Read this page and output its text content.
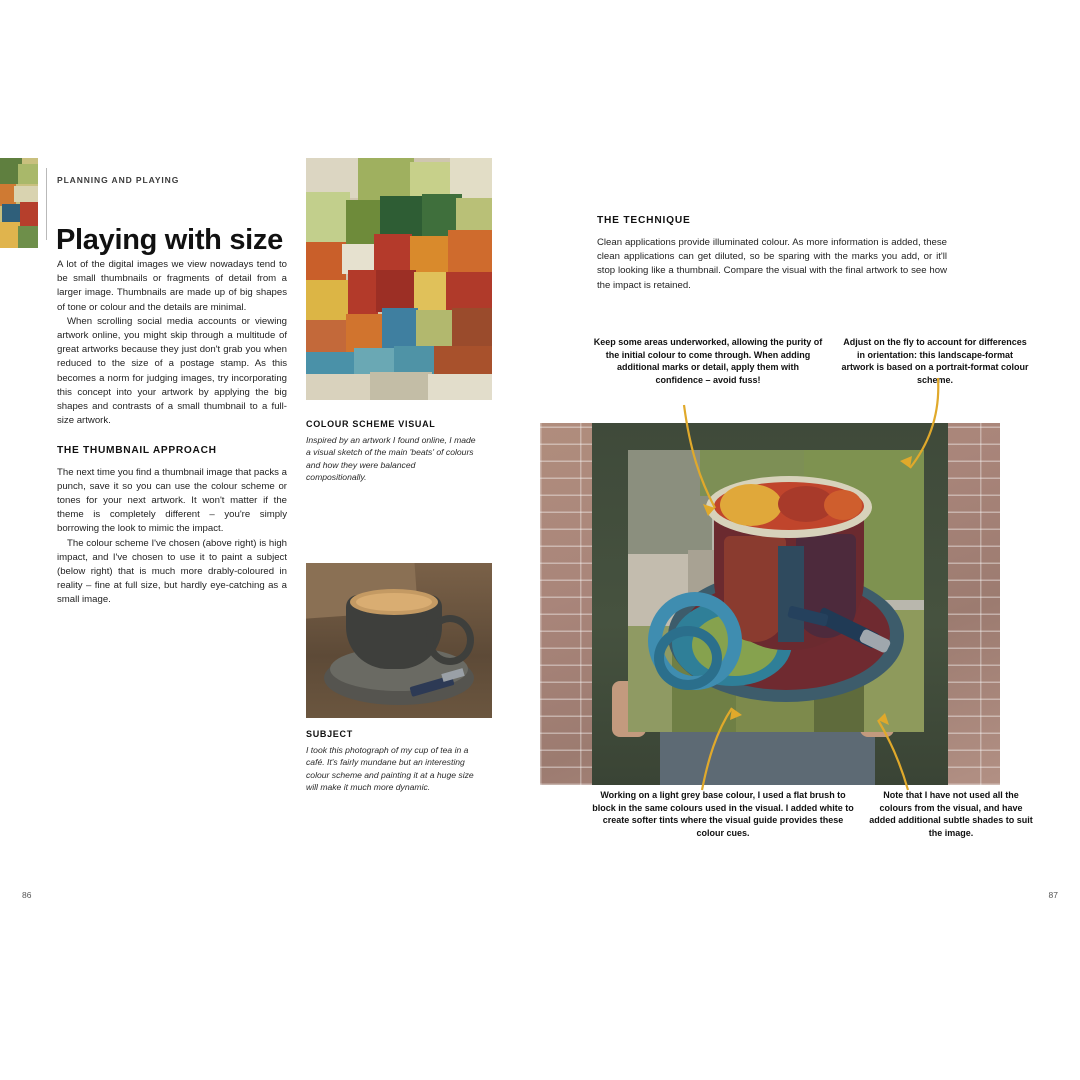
PLANNING AND PLAYING
Playing with size

A lot of the digital images we view nowadays tend to be small thumbnails or fragments of detail from a larger image. Thumbnails are made up of big shapes of tone or colour and the details are minimal.

When scrolling social media accounts or viewing artwork online, you might skip through a multitude of great artworks because they just don't grab you when reduced to the size of a postage stamp. As this becomes a norm for judging images, try incorporating this concept into your artwork by applying the big shapes and contrasts of a small thumbnail to a full-size artwork.

THE THUMBNAIL APPROACH

The next time you find a thumbnail image that packs a punch, save it so you can use the colour scheme or tones for your next artwork. It won't matter if the theme is completely different – you're simply borrowing the look to mimic the impact.

The colour scheme I've chosen (above right) is high impact, and I've chosen to use it to paint a subject (below right) that is much more drably-coloured in reality – fine at full size, but hardly eye-catching as a small image.

COLOUR SCHEME VISUAL
Inspired by an artwork I found online, I made a visual sketch of the main 'beats' of colours and how they were balanced compositionally.
SUBJECT
I took this photograph of my cup of tea in a café. It's fairly mundane but an interesting colour scheme and painting it at a huge size will make it much more dynamic.
86
THE TECHNIQUE
Clean applications provide illuminated colour. As more information is added, these clean applications can get diluted, so be sparing with the marks you add, or it'll stop looking like a thumbnail. Compare the visual with the final artwork to see how the impact is retained.
Keep some areas underworked, allowing the purity of the initial colour to come through. When adding additional marks or detail, apply them with confidence – avoid fuss!
Adjust on the fly to account for differences in orientation: this landscape-format artwork is based on a portrait-format colour scheme.
Working on a light grey base colour, I used a flat brush to block in the same colours used in the visual. I added white to create softer tints where the visual guide provides these colour cues.
Note that I have not used all the colours from the visual, and have added additional subtle shades to suit the image.
87
